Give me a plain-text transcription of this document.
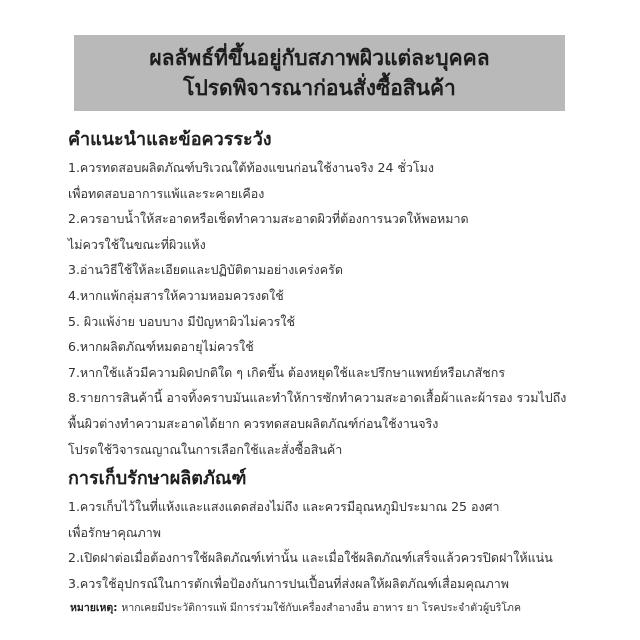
ผลลัพธ์ที่ขึ้นอยู่กับสภาพผิวแต่ละบุคคล
โปรดพิจารณาก่อนสั่งซื้อสินค้า
คำแนะนำและข้อควรระวัง
1.ควรทดสอบผลิตภัณฑ์บริเวณใต้ท้องแขนก่อนใช้งานจริง 24 ชั่วโมง
เพื่อทดสอบอาการแพ้และระคายเคือง
2.ควรอาบน้ำให้สะอาดหรือเช็ดทำความสะอาดผิวที่ต้องการนวดให้พอหมาด
ไม่ควรใช้ในขณะที่ผิวแห้ง
3.อ่านวิธีใช้ให้ละเอียดและปฏิบัติตามอย่างเคร่งครัด
4.หากแพ้กลุ่มสารให้ความหอมควรงดใช้
5. ผิวแพ้ง่าย บอบบาง มีปัญหาผิวไม่ควรใช้
6.หากผลิตภัณฑ์หมดอายุไม่ควรใช้
7.หากใช้แล้วมีความผิดปกติใด ๆ เกิดขึ้น ต้องหยุดใช้และปรึกษาแพทย์หรือเภสัชกร
8.รายการสินค้านี้ อาจทิ้งคราบมันและทำให้การซักทำความสะอาดเสื้อผ้าและผ้ารอง รวมไปถึง
พื้นผิวต่างทำความสะอาดได้ยาก ควรทดสอบผลิตภัณฑ์ก่อนใช้งานจริง
โปรดใช้วิจารณญาณในการเลือกใช้และสั่งซื้อสินค้า
การเก็บรักษาผลิตภัณฑ์
1.ควรเก็บไว้ในที่แห้งและแสงแดดส่องไม่ถึง และควรมีอุณหภูมิประมาณ 25 องศา
เพื่อรักษาคุณภาพ
2.เปิดฝาต่อเมื่อต้องการใช้ผลิตภัณฑ์เท่านั้น และเมื่อใช้ผลิตภัณฑ์เสร็จแล้วควรปิดฝาให้แน่น
3.ควรใช้อุปกรณ์ในการตักเพื่อป้องกันการปนเปื้อนที่ส่งผลให้ผลิตภัณฑ์เสื่อมคุณภาพ
หมายเหตุ: หากเคยมีประวัติการแพ้ มีการร่วมใช้กับเครื่องสำอางอื่น อาหาร ยา โรคประจำตัวผู้บริโภค
